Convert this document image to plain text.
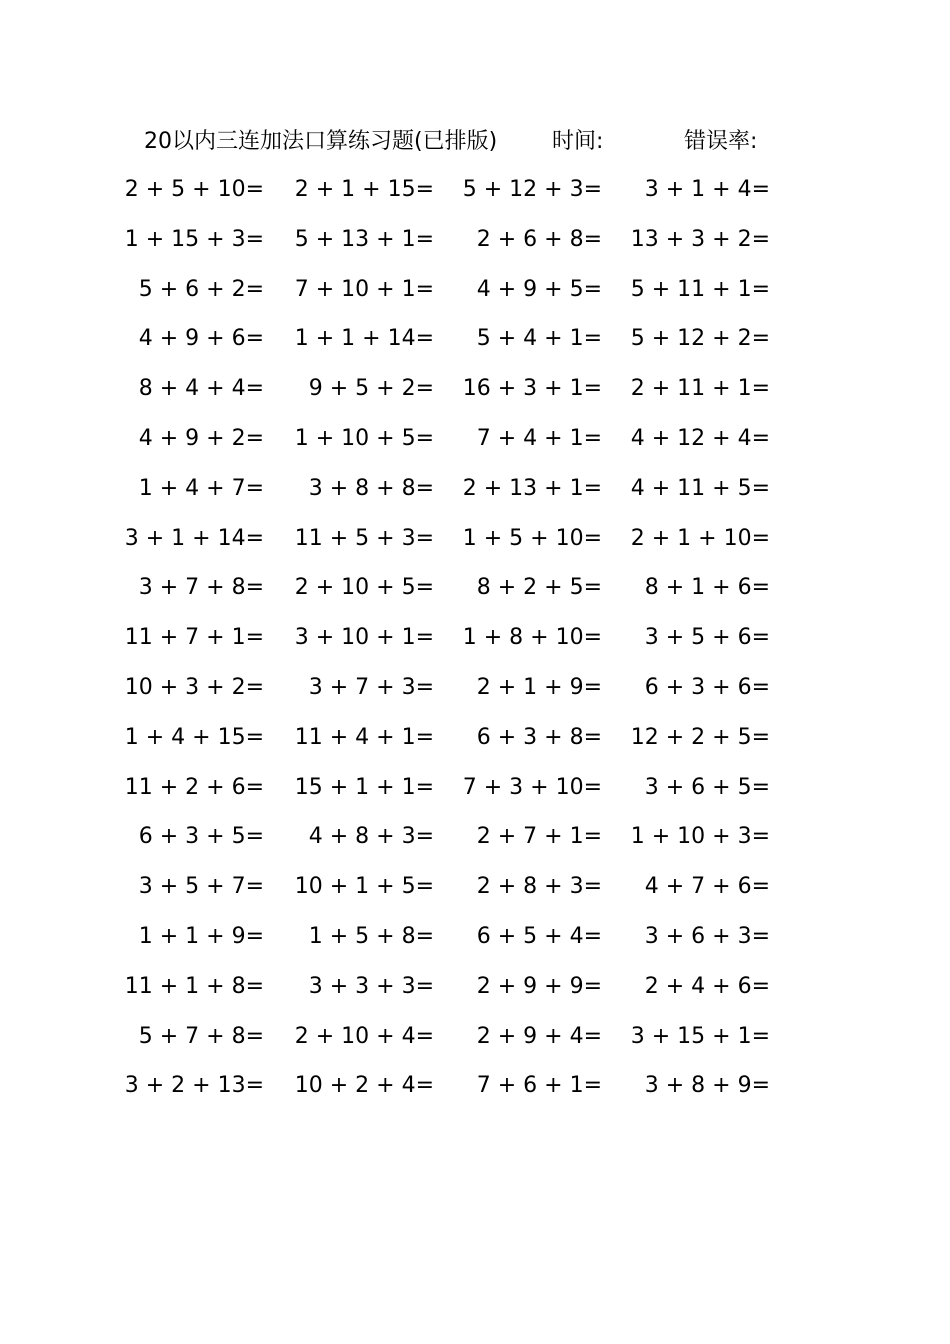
20以内三连加法口算练习题(已排版) 时间:	错误率:
2 + 5 + 10=	2 + 1 + 15=	5 + 12 + 3=	3 + 1 + 4=
1 + 15 + 3=	5 + 13 + 1=	2 + 6 + 8=	13 + 3 + 2=
5 + 6 + 2=	7 + 10 + 1=	4 + 9 + 5=	5 + 11 + 1=
4 + 9 + 6=	1 + 1 + 14=	5 + 4 + 1=	5 + 12 + 2=
8 + 4 + 4=	9 + 5 + 2=	16 + 3 + 1=	2 + 11 + 1=
4 + 9 + 2=	1 + 10 + 5=	7 + 4 + 1=	4 + 12 + 4=
1 + 4 + 7=	3 + 8 + 8=	2 + 13 + 1=	4 + 11 + 5=
3 + 1 + 14=	11 + 5 + 3=	1 + 5 + 10=	2 + 1 + 10=
3 + 7 + 8=	2 + 10 + 5=	8 + 2 + 5=	8 + 1 + 6=
11 + 7 + 1=	3 + 10 + 1=	1 + 8 + 10=	3 + 5 + 6=
10 + 3 + 2=	3 + 7 + 3=	2 + 1 + 9=	6 + 3 + 6=
1 + 4 + 15=	11 + 4 + 1=	6 + 3 + 8=	12 + 2 + 5=
11 + 2 + 6=	15 + 1 + 1=	7 + 3 + 10=	3 + 6 + 5=
6 + 3 + 5=	4 + 8 + 3=	2 + 7 + 1=	1 + 10 + 3=
3 + 5 + 7=	10 + 1 + 5=	2 + 8 + 3=	4 + 7 + 6=
1 + 1 + 9=	1 + 5 + 8=	6 + 5 + 4=	3 + 6 + 3=
11 + 1 + 8=	3 + 3 + 3=	2 + 9 + 9=	2 + 4 + 6=
5 + 7 + 8=	2 + 10 + 4=	2 + 9 + 4=	3 + 15 + 1=
3 + 2 + 13=	10 + 2 + 4=	7 + 6 + 1=	3 + 8 + 9=
